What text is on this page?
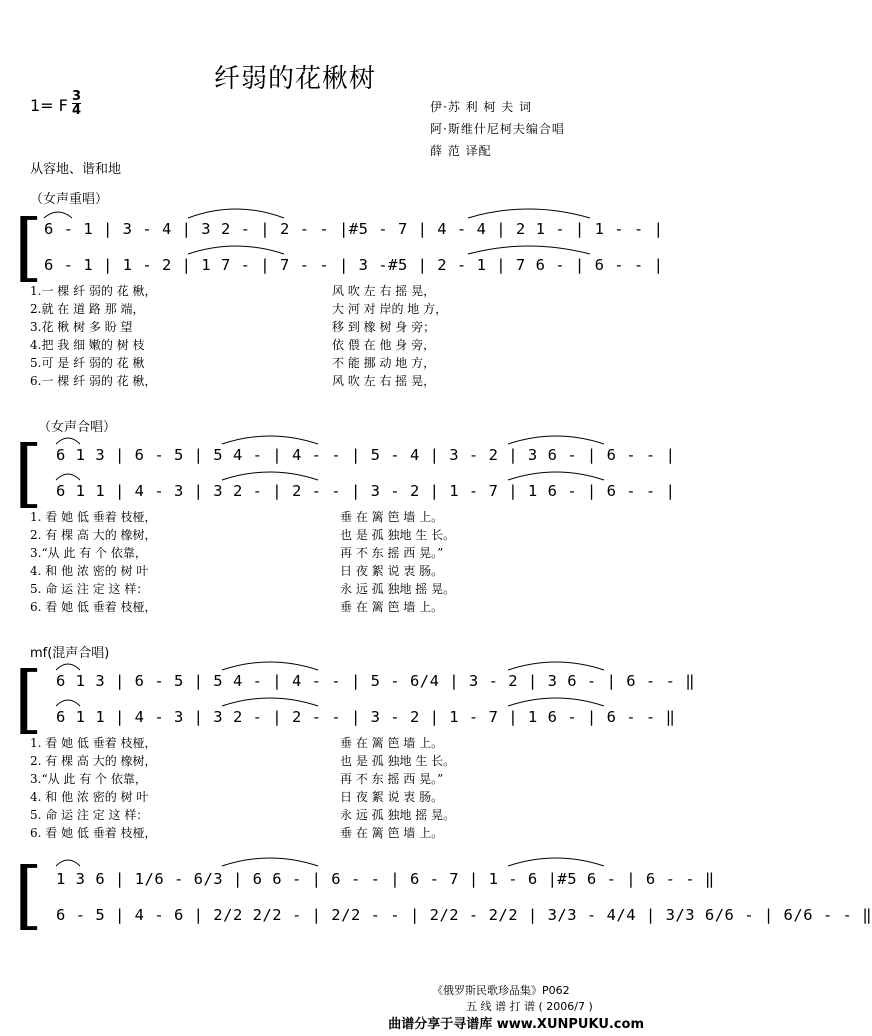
纤弱的花楸树
1= F $\frac{3}{4}$	伊·苏 利 柯 夫 词
阿·斯维什尼柯夫编合唱
薛 范 译配
从容地、谐和地
（女声重唱）
[ 6 - 1 | 3 - 4 | 3 2 - | 2 - - |#5 - 7 | 4 - 4 | 2 1 - | 1 - - |
6 - 1 | 1 - 2 | 1 7 - | 7 - - | 3 -#5 | 2 - 1 | 7 6 - | 6 - - |
1.一 棵 纤 弱的 花 楸，	风 吹 左 右 摇 晃，
2.就 在 道 路 那 端，	大 河 对 岸的 地 方，
3.花 楸 树 多 盼 望	移 到 橡 树 身 旁；
4.把 我 细 嫩的 树 枝	依 偎 在 他 身 旁，
5.可 是 纤 弱的 花 楸	不 能 挪 动 地 方，
6.一 棵 纤 弱的 花 楸，	风 吹 左 右 摇 晃，
（女声合唱）
[ 6 1 3 | 6 - 5 | 5 4 - | 4 - - | 5 - 4 | 3 - 2 | 3 6 - | 6 - - |
6 1 1 | 4 - 3 | 3 2 - | 2 - - | 3 - 2 | 1 - 7 | 1 6 - | 6 - - |
1. 看 她 低 垂着 枝桠，	垂 在 篱 笆 墙 上。
2. 有 棵 高 大的 橡树，	也 是 孤 独地 生 长。
3.“从 此 有 个 依靠，	再 不 东 摇 西 晃。”
4. 和 他 浓 密的 树 叶	日 夜 絮 说 衷 肠。
5. 命 运 注 定 这 样：	永 远 孤 独地 摇 晃。
6. 看 她 低 垂着 枝桠，	垂 在 篱 笆 墙 上。
mf(混声合唱)
[ 6 1 3 | 6 - 5 | 5 4 - | 4 - - | 5 - 6/4 | 3 - 2 | 3 6 - | 6 - - ‖
6 1 1 | 4 - 3 | 3 2 - | 2 - - | 3 - 2 | 1 - 7 | 1 6 - | 6 - - ‖
1. 看 她 低 垂着 枝桠，	垂 在 篱 笆 墙 上。
2. 有 棵 高 大的 橡树，	也 是 孤 独地 生 长。
3.“从 此 有 个 依靠，	再 不 东 摇 西 晃。”
4. 和 他 浓 密的 树 叶	日 夜 絮 说 衷 肠。
5. 命 运 注 定 这 样：	永 远 孤 独地 摇 晃。
6. 看 她 低 垂着 枝桠，	垂 在 篱 笆 墙 上。
[ 1 3 6 | 1/6 - 6/3 | 6 6 - | 6 - - | 6 - 7 | 1 - 6 |#5 6 - | 6 - - ‖
6 - 5 | 4 - 6 | 2/2 2/2 - | 2/2 - - | 2/2 - 2/2 | 3/3 - 4/4 | 3/3 6/6 - | 6/6 - - ‖
《俄罗斯民歌珍品集》P062
五 线 谱 打 谱 ( 2006/7 )
曲谱分享于寻谱库 www.XUNPUKU.com
